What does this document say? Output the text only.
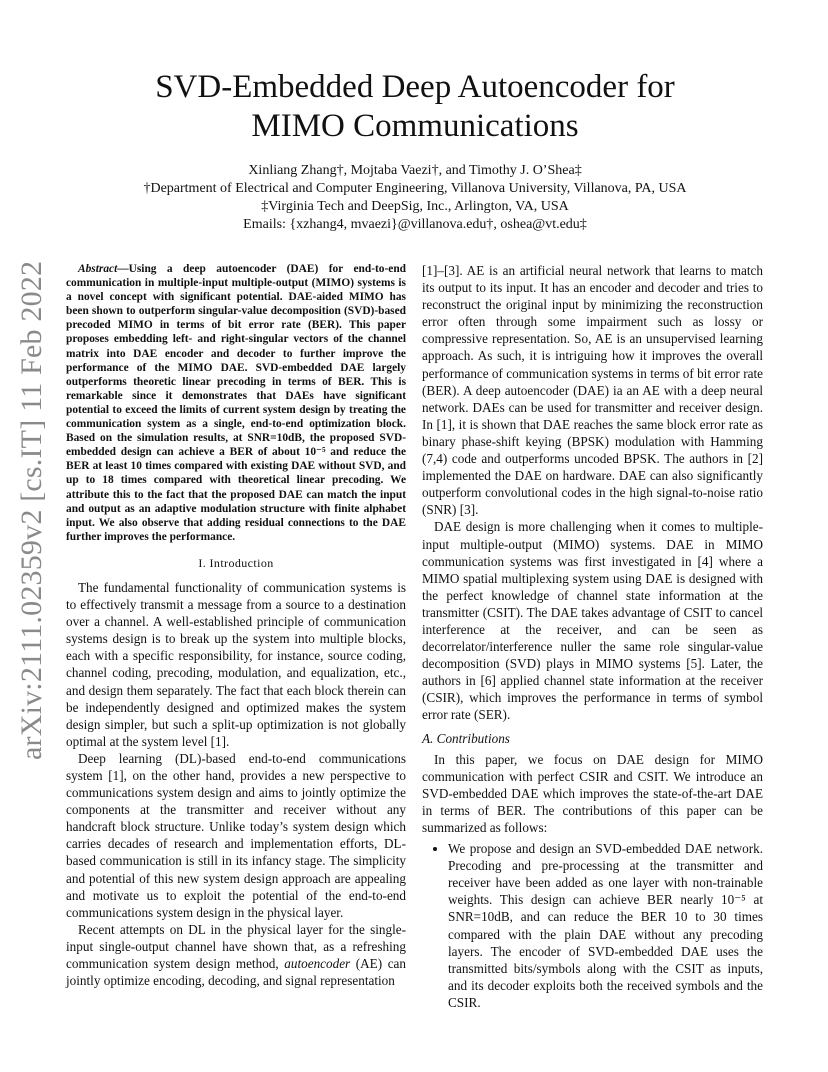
arXiv:2111.02359v2 [cs.IT] 11 Feb 2022
SVD-Embedded Deep Autoencoder for
MIMO Communications
Xinliang Zhang†, Mojtaba Vaezi†, and Timothy J. O’Shea‡
†Department of Electrical and Computer Engineering, Villanova University, Villanova, PA, USA
‡Virginia Tech and DeepSig, Inc., Arlington, VA, USA
Emails: {xzhang4, mvaezi}@villanova.edu†, oshea@vt.edu‡

Abstract—Using a deep autoencoder (DAE) for end-to-end communication in multiple-input multiple-output (MIMO) systems is a novel concept with significant potential. DAE-aided MIMO has been shown to outperform singular-value decomposition (SVD)-based precoded MIMO in terms of bit error rate (BER). This paper proposes embedding left- and right-singular vectors of the channel matrix into DAE encoder and decoder to further improve the performance of the MIMO DAE. SVD-embedded DAE largely outperforms theoretic linear precoding in terms of BER. This is remarkable since it demonstrates that DAEs have significant potential to exceed the limits of current system design by treating the communication system as a single, end-to-end optimization block. Based on the simulation results, at SNR=10dB, the proposed SVD-embedded design can achieve a BER of about 10⁻⁵ and reduce the BER at least 10 times compared with existing DAE without SVD, and up to 18 times compared with theoretical linear precoding. We attribute this to the fact that the proposed DAE can match the input and output as an adaptive modulation structure with finite alphabet input. We also observe that adding residual connections to the DAE further improves the performance.

I. Introduction

The fundamental functionality of communication systems is to effectively transmit a message from a source to a destination over a channel. A well-established principle of communication systems design is to break up the system into multiple blocks, each with a specific responsibility, for instance, source coding, channel coding, precoding, modulation, and equalization, etc., and design them separately. The fact that each block therein can be independently designed and optimized makes the system design simpler, but such a split-up optimization is not globally optimal at the system level [1].

Deep learning (DL)-based end-to-end communications system [1], on the other hand, provides a new perspective to communications system design and aims to jointly optimize the components at the transmitter and receiver without any handcraft block structure. Unlike today’s system design which carries decades of research and implementation efforts, DL-based communication is still in its infancy stage. The simplicity and potential of this new system design approach are appealing and motivate us to exploit the potential of the end-to-end communications system design in the physical layer.

Recent attempts on DL in the physical layer for the single-input single-output channel have shown that, as a refreshing communication system design method, autoencoder (AE) can jointly optimize encoding, decoding, and signal representation

[1]–[3]. AE is an artificial neural network that learns to match its output to its input. It has an encoder and decoder and tries to reconstruct the original input by minimizing the reconstruction error often through some impairment such as lossy or compressive representation. So, AE is an unsupervised learning approach. As such, it is intriguing how it improves the overall performance of communication systems in terms of bit error rate (BER). A deep autoencoder (DAE) ia an AE with a deep neural network. DAEs can be used for transmitter and receiver design. In [1], it is shown that DAE reaches the same block error rate as binary phase-shift keying (BPSK) modulation with Hamming (7,4) code and outperforms uncoded BPSK. The authors in [2] implemented the DAE on hardware. DAE can also significantly outperform convolutional codes in the high signal-to-noise ratio (SNR) [3].

DAE design is more challenging when it comes to multiple-input multiple-output (MIMO) systems. DAE in MIMO communication systems was first investigated in [4] where a MIMO spatial multiplexing system using DAE is designed with the perfect knowledge of channel state information at the transmitter (CSIT). The DAE takes advantage of CSIT to cancel interference at the receiver, and can be seen as decorrelator/interference nuller the same role singular-value decomposition (SVD) plays in MIMO systems [5]. Later, the authors in [6] applied channel state information at the receiver (CSIR), which improves the performance in terms of symbol error rate (SER).

A. Contributions

In this paper, we focus on DAE design for MIMO communication with perfect CSIR and CSIT. We introduce an SVD-embedded DAE which improves the state-of-the-art DAE in terms of BER. The contributions of this paper can be summarized as follows:

• We propose and design an SVD-embedded DAE network. Precoding and pre-processing at the transmitter and receiver have been added as one layer with non-trainable weights. This design can achieve BER nearly 10⁻⁵ at SNR=10dB, and can reduce the BER 10 to 30 times compared with the plain DAE without any precoding layers. The encoder of SVD-embedded DAE uses the transmitted bits/symbols along with the CSIT as inputs, and its decoder exploits both the received symbols and the CSIR.
